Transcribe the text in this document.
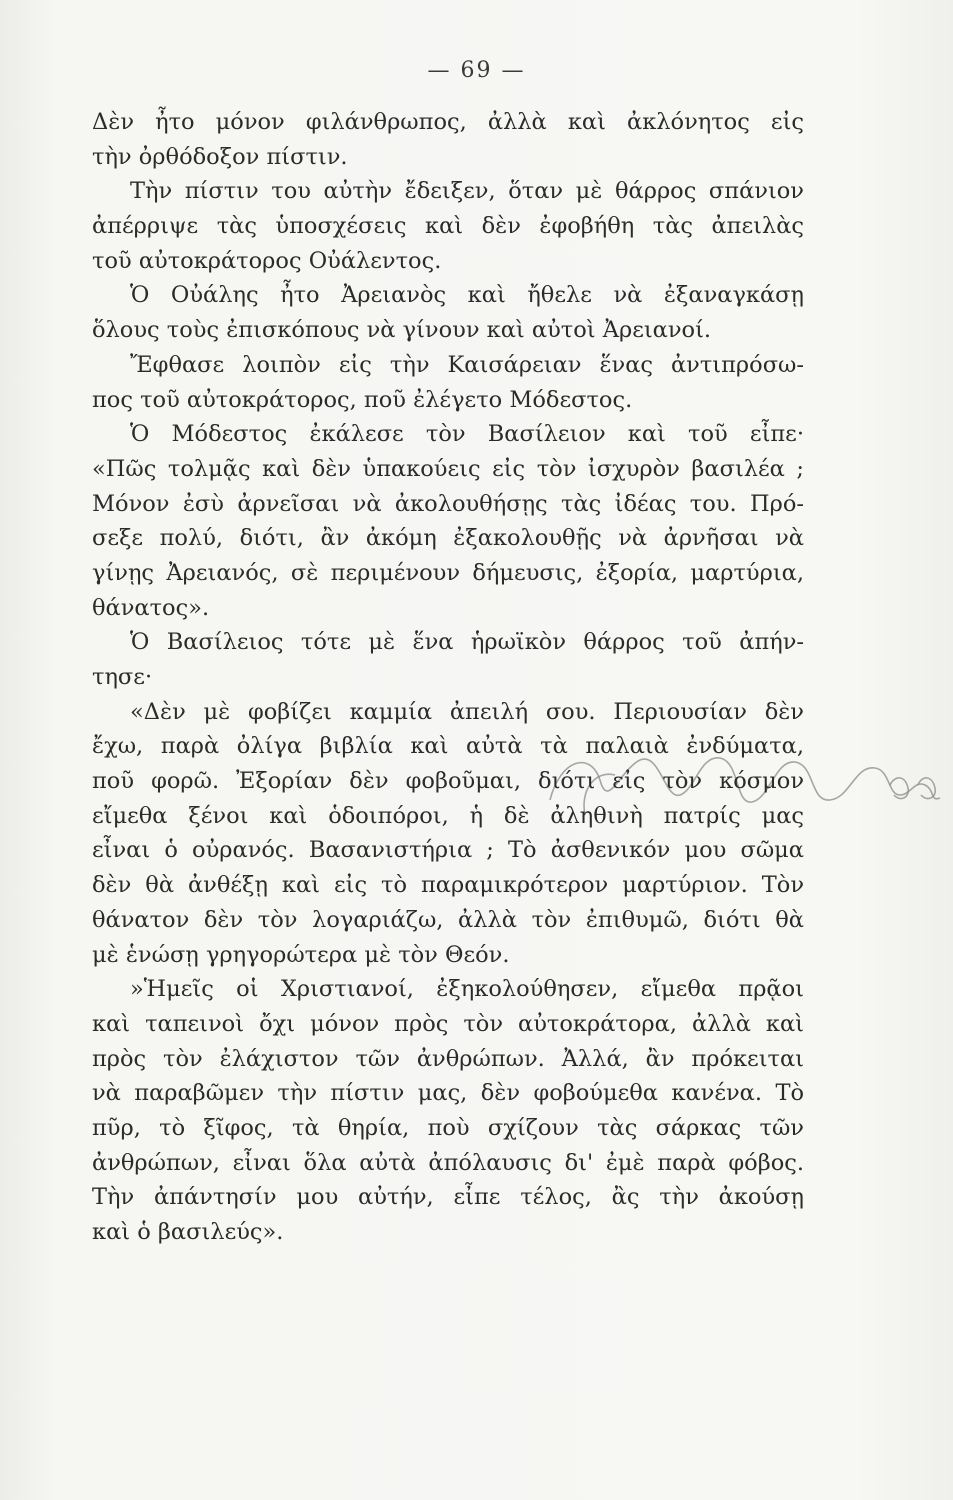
— 69 —
Δὲν ἦτο μόνον φιλάνθρωπος, ἀλλὰ καὶ ἀκλόνητος εἰς
τὴν ὀρθόδοξον πίστιν.
Τὴν πίστιν του αὐτὴν ἔδειξεν, ὅταν μὲ θάρρος σπάνιον
ἀπέρριψε τὰς ὑποσχέσεις καὶ δὲν ἐφοβήθη τὰς ἀπειλὰς
τοῦ αὐτοκράτορος Οὐάλεντος.
Ὁ Οὐάλης ἦτο Ἀρειανὸς καὶ ἤθελε νὰ ἐξαναγκάσῃ
ὅλους τοὺς ἐπισκόπους νὰ γίνουν καὶ αὐτοὶ Ἀρειανοί.
Ἔφθασε λοιπὸν εἰς τὴν Καισάρειαν ἕνας ἀντιπρόσω-
πος τοῦ αὐτοκράτορος, ποῦ ἐλέγετο Μόδεστος.
Ὁ Μόδεστος ἐκάλεσε τὸν Βασίλειον καὶ τοῦ εἶπε·
«Πῶς τολμᾷς καὶ δὲν ὑπακούεις εἰς τὸν ἰσχυρὸν βασιλέα ;
Μόνον ἐσὺ ἀρνεῖσαι νὰ ἀκολουθήσῃς τὰς ἰδέας του. Πρό-
σεξε πολύ, διότι, ἂν ἀκόμη ἐξακολουθῇς νὰ ἀρνῆσαι νὰ
γίνῃς Ἀρειανός, σὲ περιμένουν δήμευσις, ἐξορία, μαρτύρια,
θάνατος».
Ὁ Βασίλειος τότε μὲ ἕνα ἡρωϊκὸν θάρρος τοῦ ἀπήν-
τησε·
«Δὲν μὲ φοβίζει καμμία ἀπειλή σου. Περιουσίαν δὲν
ἔχω, παρὰ ὀλίγα βιβλία καὶ αὐτὰ τὰ παλαιὰ ἐνδύματα,
ποῦ φορῶ. Ἐξορίαν δὲν φοβοῦμαι, διότι εἰς τὸν κόσμον
εἴμεθα ξένοι καὶ ὁδοιπόροι, ἡ δὲ ἀληθινὴ πατρίς μας
εἶναι ὁ οὐρανός. Βασανιστήρια ; Τὸ ἀσθενικόν μου σῶμα
δὲν θὰ ἀνθέξῃ καὶ εἰς τὸ παραμικρότερον μαρτύριον. Τὸν
θάνατον δὲν τὸν λογαριάζω, ἀλλὰ τὸν ἐπιθυμῶ, διότι θὰ
μὲ ἑνώσῃ γρηγορώτερα μὲ τὸν Θεόν.
»Ἡμεῖς οἱ Χριστιανοί, ἐξηκολούθησεν, εἴμεθα πρᾷοι
καὶ ταπεινοὶ ὄχι μόνον πρὸς τὸν αὐτοκράτορα, ἀλλὰ καὶ
πρὸς τὸν ἐλάχιστον τῶν ἀνθρώπων. Ἀλλά, ἂν πρόκειται
νὰ παραβῶμεν τὴν πίστιν μας, δὲν φοβούμεθα κανένα. Τὸ
πῦρ, τὸ ξῖφος, τὰ θηρία, ποὺ σχίζουν τὰς σάρκας τῶν
ἀνθρώπων, εἶναι ὅλα αὐτὰ ἀπόλαυσις δι' ἐμὲ παρὰ φόβος.
Τὴν ἀπάντησίν μου αὐτήν, εἶπε τέλος, ἂς τὴν ἀκούσῃ
καὶ ὁ βασιλεύς».
